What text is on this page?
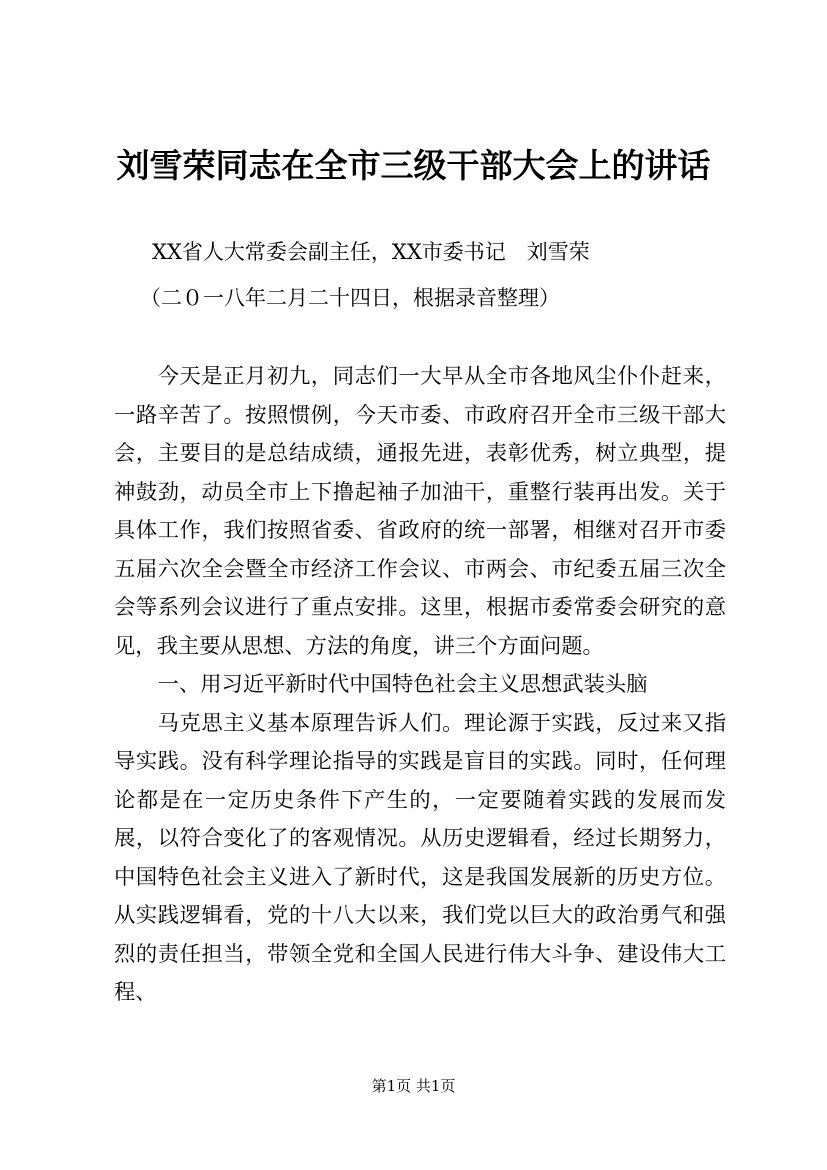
刘雪荣同志在全市三级干部大会上的讲话
XX省人大常委会副主任，XX市委书记　刘雪荣
（二０一八年二月二十四日，根据录音整理）

今天是正月初九，同志们一大早从全市各地风尘仆仆赶来，一路辛苦了。按照惯例，今天市委、市政府召开全市三级干部大会，主要目的是总结成绩，通报先进，表彰优秀，树立典型，提神鼓劲，动员全市上下撸起袖子加油干，重整行装再出发。关于具体工作，我们按照省委、省政府的统一部署，相继对召开市委五届六次全会暨全市经济工作会议、市两会、市纪委五届三次全会等系列会议进行了重点安排。这里，根据市委常委会研究的意见，我主要从思想、方法的角度，讲三个方面问题。

一、用习近平新时代中国特色社会主义思想武装头脑

马克思主义基本原理告诉人们。理论源于实践，反过来又指导实践。没有科学理论指导的实践是盲目的实践。同时，任何理论都是在一定历史条件下产生的，一定要随着实践的发展而发展，以符合变化了的客观情况。从历史逻辑看，经过长期努力，中国特色社会主义进入了新时代，这是我国发展新的历史方位。从实践逻辑看，党的十八大以来，我们党以巨大的政治勇气和强烈的责任担当，带领全党和全国人民进行伟大斗争、建设伟大工程、

第1页 共1页
